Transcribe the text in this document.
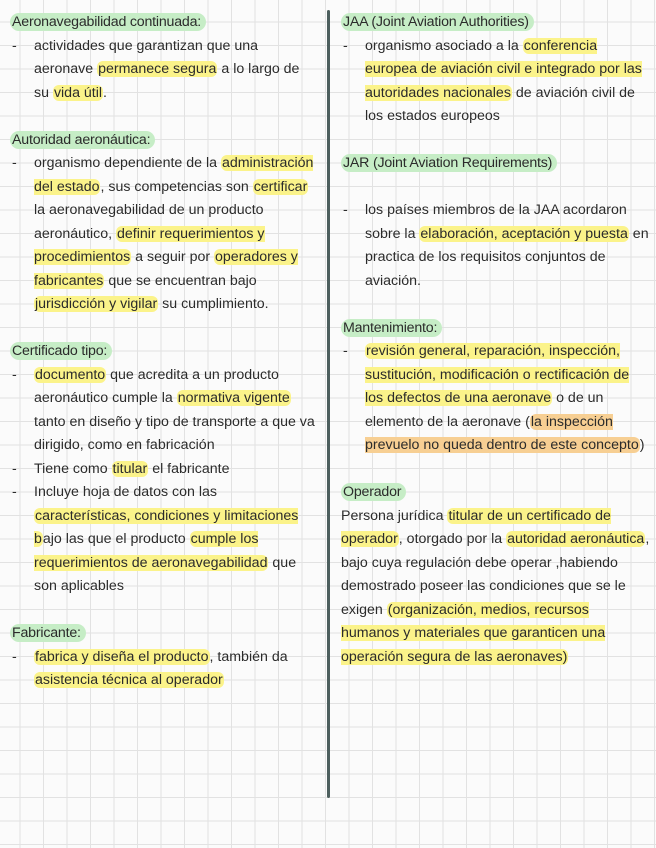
Aeronavegabilidad continuada:
- actividades que garantizan que una aeronave permanece segura a lo largo de su vida útil.
Autoridad aeronáutica:
- organismo dependiente de la administración del estado, sus competencias son certificar la aeronavegabilidad de un producto aeronáutico, definir requerimientos y procedimientos a seguir por operadores y fabricantes que se encuentran bajo jurisdicción y vigilar su cumplimiento.
Certificado tipo:
- documento que acredita a un producto aeronáutico cumple la normativa vigente tanto en diseño y tipo de transporte a que va dirigido, como en fabricación
- Tiene como titular el fabricante
- Incluye hoja de datos con las características, condiciones y limitaciones bajo las que el producto cumple los requerimientos de aeronavegabilidad que son aplicables
Fabricante:
- fabrica y diseña el producto, también da asistencia técnica al operador
JAA (Joint Aviation Authorities)
- organismo asociado a la conferencia europea de aviación civil e integrado por las autoridades nacionales de aviación civil de los estados europeos
JAR (Joint Aviation Requirements)
- los países miembros de la JAA acordaron sobre la elaboración, aceptación y puesta en practica de los requisitos conjuntos de aviación.
Mantenimiento:
- revisión general, reparación, inspección, sustitución, modificación o rectificación de los defectos de una aeronave o de un elemento de la aeronave (la inspección prevuelo no queda dentro de este concepto)
Operador

Persona jurídica titular de un certificado de operador, otorgado por la autoridad aeronáutica, bajo cuya regulación debe operar ,habiendo demostrado poseer las condiciones que se le exigen (organización, medios, recursos humanos y materiales que garanticen una operación segura de las aeronaves)
